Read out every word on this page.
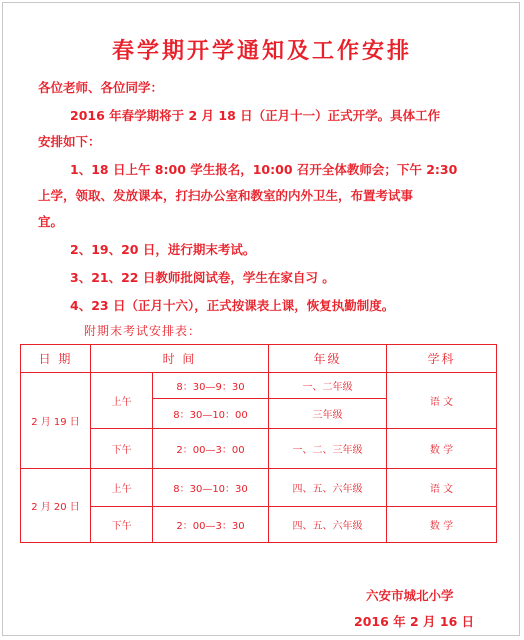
春学期开学通知及工作安排
各位老师、各位同学：
2016 年春学期将于 2 月 18 日（正月十一）正式开学。具体工作
安排如下：
1、18 日上午 8:00 学生报名，10:00 召开全体教师会；下午 2:30
上学，领取、发放课本，打扫办公室和教室的内外卫生，布置考试事
宜。
2、19、20 日，进行期末考试。
3、21、22 日教师批阅试卷，学生在家自习 。
4、23 日（正月十六），正式按课表上课，恢复执勤制度。
附期末考试安排表：
日 期	时 间		年级	学科
2 月 19 日	上午	8：30—9：30	一、二年级	语 文
		8：30—10：00	三年级	
	下午	2：00—3：00	一、二、三年级	数 学
2 月 20 日	上午	8：30—10：30	四、五、六年级	语 文
	下午	2：00—3：30	四、五、六年级	数 学
六安市城北小学
2016 年 2 月 16 日
